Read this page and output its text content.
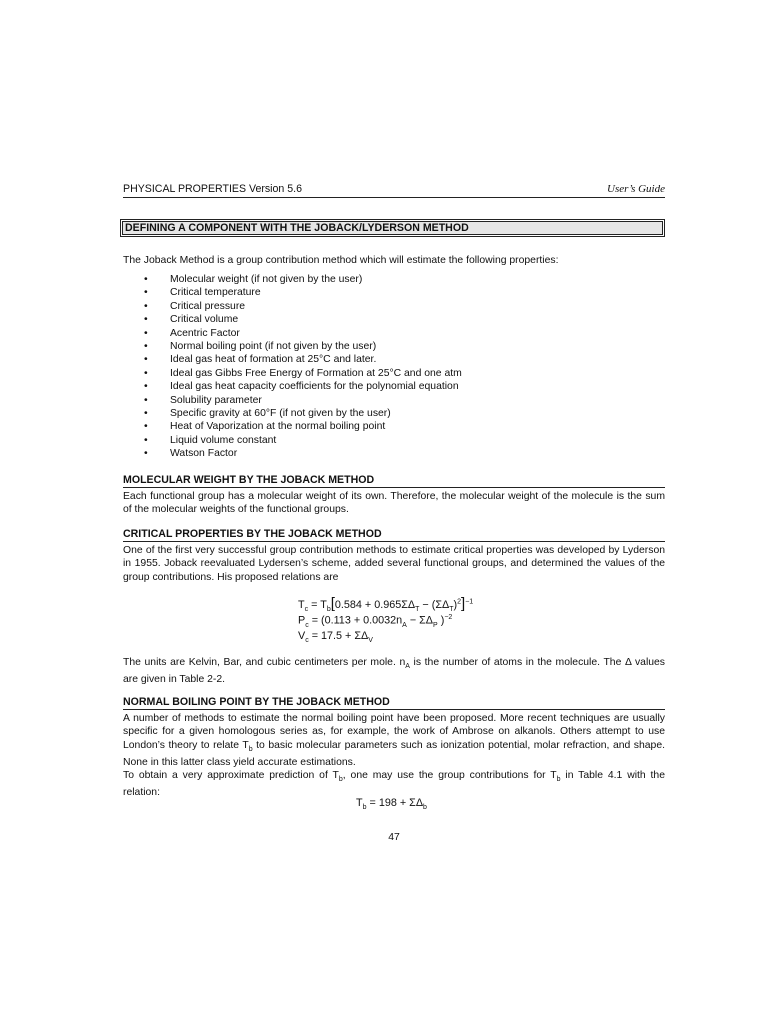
PHYSICAL PROPERTIES Version 5.6	User’s Guide
DEFINING A COMPONENT WITH THE JOBACK/LYDERSON METHOD
The Joback Method is a group contribution method which will estimate the following properties:
• Molecular weight (if not given by the user)
• Critical temperature
• Critical pressure
• Critical volume
• Acentric Factor
• Normal boiling point (if not given by the user)
• Ideal gas heat of formation at 25°C and later.
• Ideal gas Gibbs Free Energy of Formation at 25°C and one atm
• Ideal gas heat capacity coefficients for the polynomial equation
• Solubility parameter
• Specific gravity at 60°F (if not given by the user)
• Heat of Vaporization at the normal boiling point
• Liquid volume constant
• Watson Factor
MOLECULAR WEIGHT BY THE JOBACK METHOD
Each functional group has a molecular weight of its own. Therefore, the molecular weight of the molecule is the sum of the molecular weights of the functional groups.
CRITICAL PROPERTIES BY THE JOBACK METHOD
One of the first very successful group contribution methods to estimate critical properties was developed by Lyderson in 1955. Joback reevaluated Lydersen’s scheme, added several functional groups, and determined the values of the group contributions. His proposed relations are
$T_c = T_b[0.584 + 0.965\Sigma\Delta_T - (\Sigma\Delta_T)^2]^{-1}$
$P_c = (0.113 + 0.0032n_A - \Sigma\Delta_P$ )$^{-2}$
$V_c = 17.5 + \Sigma\Delta_V$
The units are Kelvin, Bar, and cubic centimeters per mole. $n_A$ is the number of atoms in the molecule. The Δ values are given in Table 2-2.
NORMAL BOILING POINT BY THE JOBACK METHOD
A number of methods to estimate the normal boiling point have been proposed. More recent techniques are usually specific for a given homologous series as, for example, the work of Ambrose on alkanols. Others attempt to use London’s theory to relate $T_b$ to basic molecular parameters such as ionization potential, molar refraction, and shape. None in this latter class yield accurate estimations.
To obtain a very approximate prediction of $T_b$, one may use the group contributions for $T_b$ in Table 4.1 with the relation:
$T_b = 198 + \Sigma\Delta_b$
47
